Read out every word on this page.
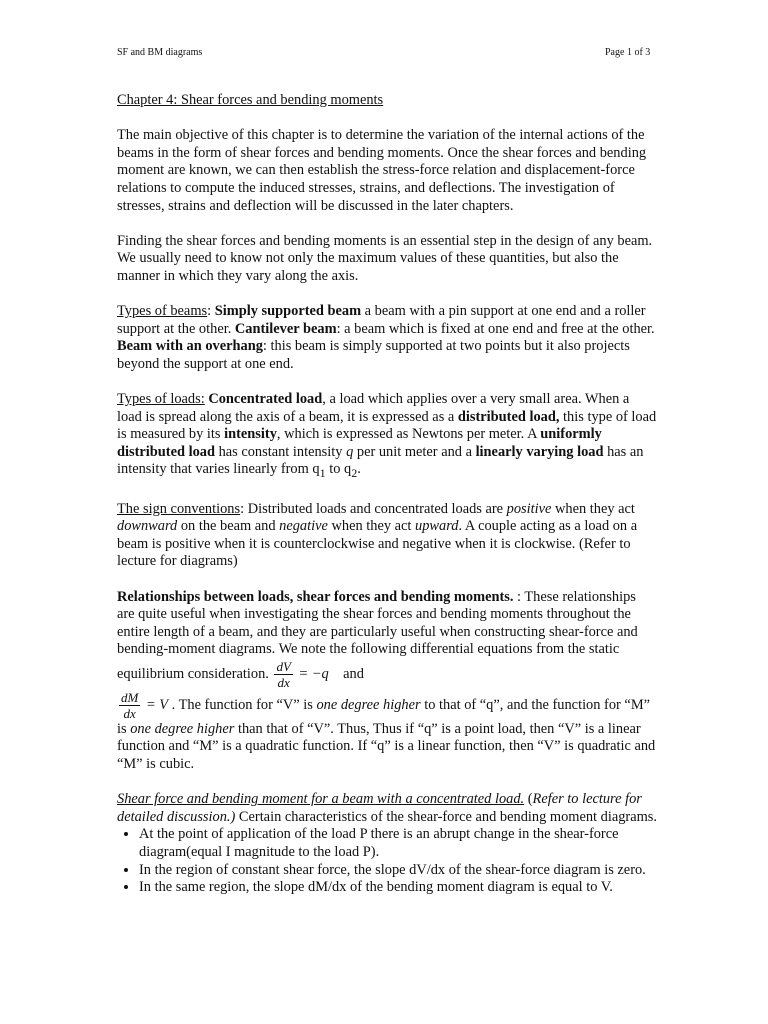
SF and BM diagrams	Page 1 of 3

Chapter 4: Shear forces and bending moments

The main objective of this chapter is to determine the variation of the internal actions of the beams in the form of shear forces and bending moments. Once the shear forces and bending moment are known, we can then establish the stress-force relation and displacement-force relations to compute the induced stresses, strains, and deflections. The investigation of stresses, strains and deflection will be discussed in the later chapters.

Finding the shear forces and bending moments is an essential step in the design of any beam. We usually need to know not only the maximum values of these quantities, but also the manner in which they vary along the axis.

Types of beams: Simply supported beam a beam with a pin support at one end and a roller support at the other. Cantilever beam: a beam which is fixed at one end and free at the other. Beam with an overhang: this beam is simply supported at two points but it also projects beyond the support at one end.

Types of loads: Concentrated load, a load which applies over a very small area. When a load is spread along the axis of a beam, it is expressed as a distributed load, this type of load is measured by its intensity, which is expressed as Newtons per meter. A uniformly distributed load has constant intensity q per unit meter and a linearly varying load has an intensity that varies linearly from $q_1$ to $q_2$.

The sign conventions: Distributed loads and concentrated loads are positive when they act downward on the beam and negative when they act upward. A couple acting as a load on a beam is positive when it is counterclockwise and negative when it is clockwise. (Refer to lecture for diagrams)

Relationships between loads, shear forces and bending moments. : These relationships are quite useful when investigating the shear forces and bending moments throughout the entire length of a beam, and they are particularly useful when constructing shear-force and bending-moment diagrams. We note the following differential equations from the static equilibrium consideration. $\frac{dV}{dx} = -q$ and

$\frac{dM}{dx} = V$ . The function for “V” is one degree higher to that of “q”, and the function for “M” is one degree higher than that of “V”. Thus, Thus if “q” is a point load, then “V” is a linear function and “M” is a quadratic function. If “q” is a linear function, then “V” is quadratic and “M” is cubic.

Shear force and bending moment for a beam with a concentrated load. (Refer to lecture for detailed discussion.) Certain characteristics of the shear-force and bending moment diagrams.

• At the point of application of the load P there is an abrupt change in the shear-force diagram(equal I magnitude to the load P).
• In the region of constant shear force, the slope dV/dx of the shear-force diagram is zero.
• In the same region, the slope dM/dx of the bending moment diagram is equal to V.
